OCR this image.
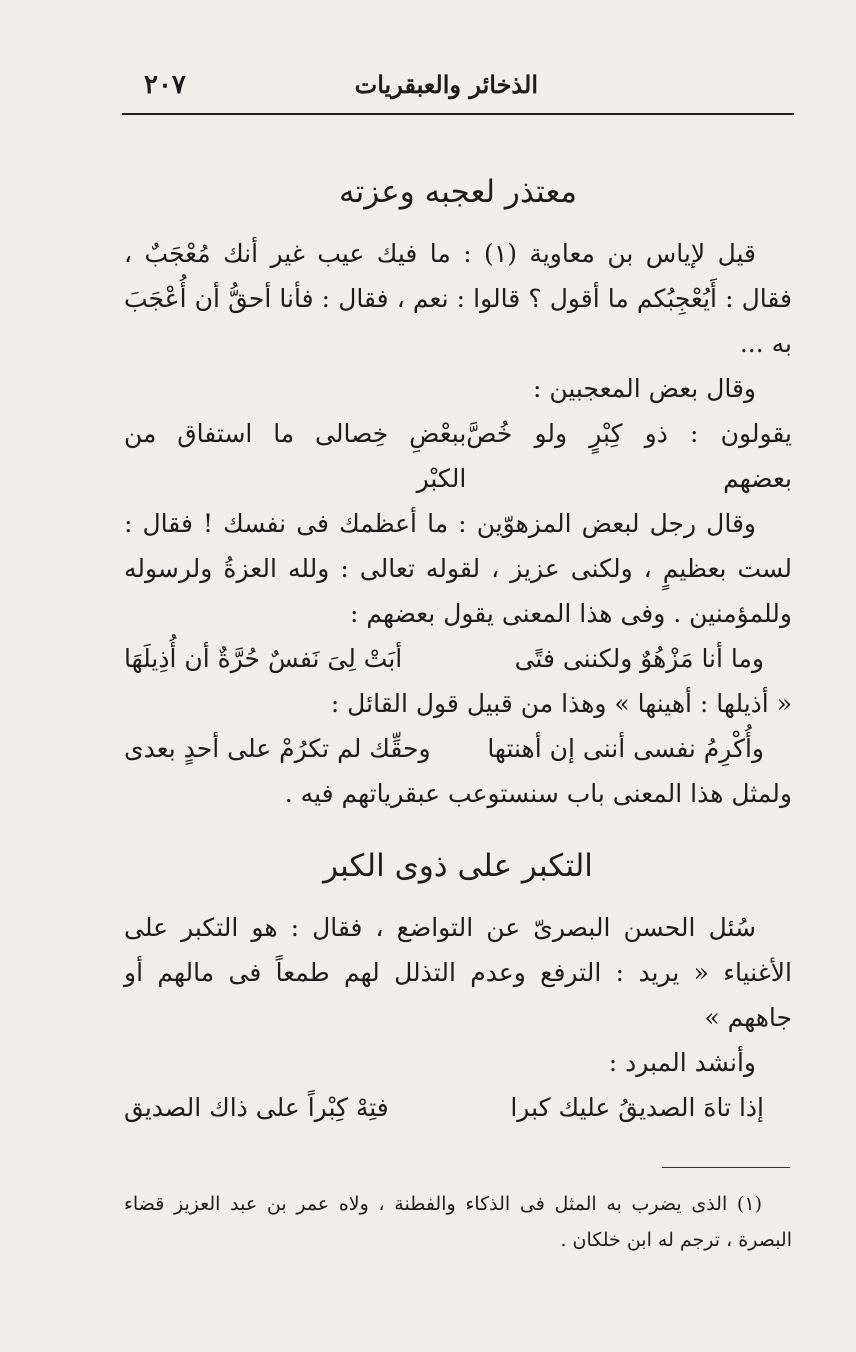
الذخائر والعبقريات
٢٠٧
معتذر لعجبه وعزته

قيل لإياس بن معاوية (١) : ما فيك عيب غير أنك مُعْجَبٌ ، فقال : أَيُعْجِبُكم ما أقول ؟ قالوا : نعم ، فقال : فأنا أحقُّ أن أُعْجَبَ به ...

وقال بعض المعجبين :

يقولون : ذو كِبْرٍ ولو خُصَّ بعضهم
ببعْضِ خِصالى ما استفاق من الكبْر

وقال رجل لبعض المزهوّين : ما أعظمك فى نفسك ! فقال : لست بعظيمٍ ، ولكنى عزيز ، لقوله تعالى : ولله العزةُ ولرسوله وللمؤمنين . وفى هذا المعنى يقول بعضهم :

وما أنا مَزْهُوٌ ولكننى فتًى
أبَتْ لِىَ نَفسٌ حُرَّةٌ أن أُذِيلَهَا

« أذيلها : أهينها » وهذا من قبيل قول القائل :

وأُكْرِمُ نفسى أننى إن أهنتها
وحقِّك لم تكرُمْ على أحدٍ بعدى

ولمثل هذا المعنى باب سنستوعب عبقرياتهم فيه .

التكبر على ذوى الكبر

سُئل الحسن البصرىّ عن التواضع ، فقال : هو التكبر على الأغنياء « يريد : الترفع وعدم التذلل لهم طمعاً فى مالهم أو جاههم »

وأنشد المبرد :

إذا تاهَ الصديقُ عليك كبرا
فتِهْ كِبْراً على ذاك الصديق

(١) الذى يضرب به المثل فى الذكاء والفطنة ، ولاه عمر بن عبد العزيز قضاء البصرة ، ترجم له ابن خلكان .
